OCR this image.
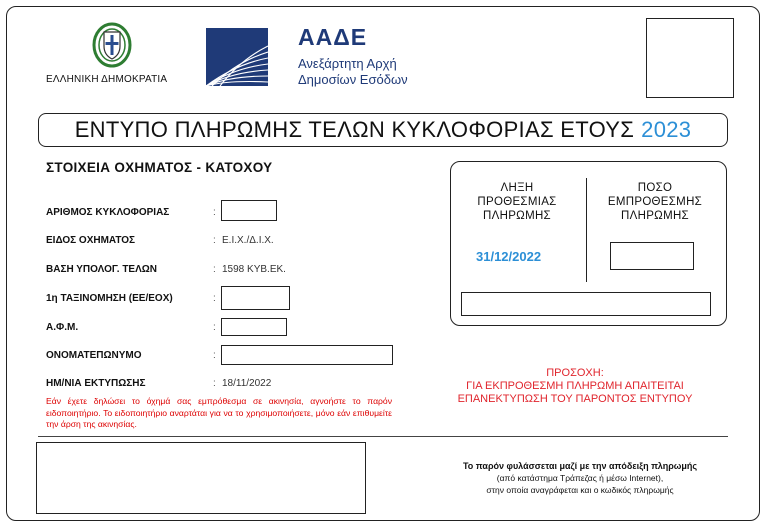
ΕΛΛΗΝΙΚΗ ΔΗΜΟΚΡΑΤΙΑ
ΑΑΔΕ
Ανεξάρτητη Αρχή
Δημοσίων Εσόδων
ΕΝΤΥΠΟ ΠΛΗΡΩΜΗΣ ΤΕΛΩΝ ΚΥΚΛΟΦΟΡΙΑΣ ΕΤΟΥΣ 2023
ΣΤΟΙΧΕΙΑ ΟΧΗΜΑΤΟΣ - ΚΑΤΟΧΟΥ
ΑΡΙΘΜΟΣ ΚΥΚΛΟΦΟΡΙΑΣ	:
ΕΙΔΟΣ ΟΧΗΜΑΤΟΣ	: Ε.Ι.Χ./Δ.Ι.Χ.
ΒΑΣΗ ΥΠΟΛΟΓ. ΤΕΛΩΝ	: 1598 ΚΥΒ.ΕΚ.
1η ΤΑΞΙΝΟΜΗΣΗ (ΕΕ/ΕΟΧ)	:
Α.Φ.Μ.	:
ΟΝΟΜΑΤΕΠΩΝΥΜΟ	:
ΗΜ/ΝΙΑ ΕΚΤΥΠΩΣΗΣ	: 18/11/2022
Εάν έχετε δηλώσει το όχημά σας εμπρόθεσμα σε ακινησία, αγνοήστε το παρόν ειδοποιητήριο. Το ειδοποιητήριο αναρτάται για να το χρησιμοποιήσετε, μόνο εάν επιθυμείτε την άρση της ακινησίας.
ΛΗΞΗ
ΠΡΟΘΕΣΜΙΑΣ
ΠΛΗΡΩΜΗΣ
31/12/2022
ΠΟΣΟ
ΕΜΠΡΟΘΕΣΜΗΣ
ΠΛΗΡΩΜΗΣ
ΠΡΟΣΟΧΗ:
ΓΙΑ ΕΚΠΡΟΘΕΣΜΗ ΠΛΗΡΩΜΗ ΑΠΑΙΤΕΙΤΑΙ
ΕΠΑΝΕΚΤΥΠΩΣΗ ΤΟΥ ΠΑΡΟΝΤΟΣ ΕΝΤΥΠΟΥ
Το παρόν φυλάσσεται μαζί με την απόδειξη πληρωμής
(από κατάστημα Τράπεζας ή μέσω Internet),
στην οποία αναγράφεται και ο κωδικός πληρωμής
